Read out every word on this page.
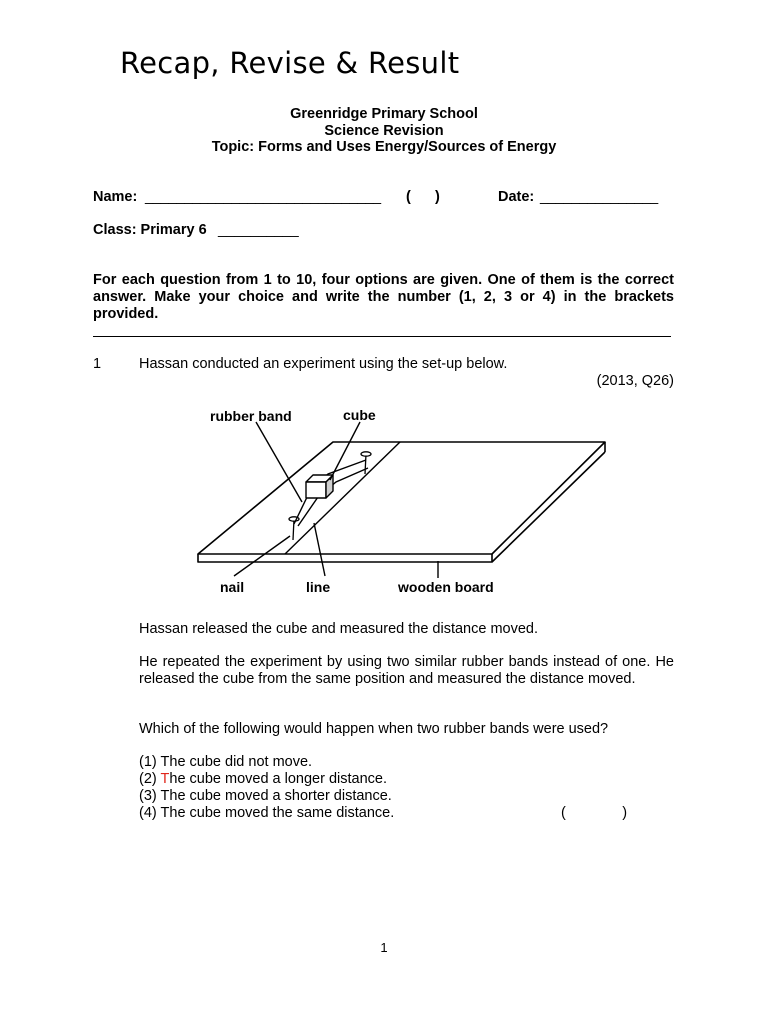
Recap, Revise & Result
Greenridge Primary School
Science Revision
Topic: Forms and Uses Energy/Sources of Energy
Name: ______________________________ (      )	Date: _______________
Class: Primary 6 __________
For each question from 1 to 10, four options are given. One of them is the correct answer. Make your choice and write the number (1, 2, 3 or 4) in the brackets provided.
1	Hassan conducted an experiment using the set-up below.
(2013, Q26)
rubber band	cube
nail	line	wooden board
Hassan released the cube and measured the distance moved.
He repeated the experiment by using two similar rubber bands instead of one. He released the cube from the same position and measured the distance moved.
Which of the following would happen when two rubber bands were used?
(1) The cube did not move.
(2) The cube moved a longer distance.
(3) The cube moved a shorter distance.
(4) The cube moved the same distance.	(              )
1
